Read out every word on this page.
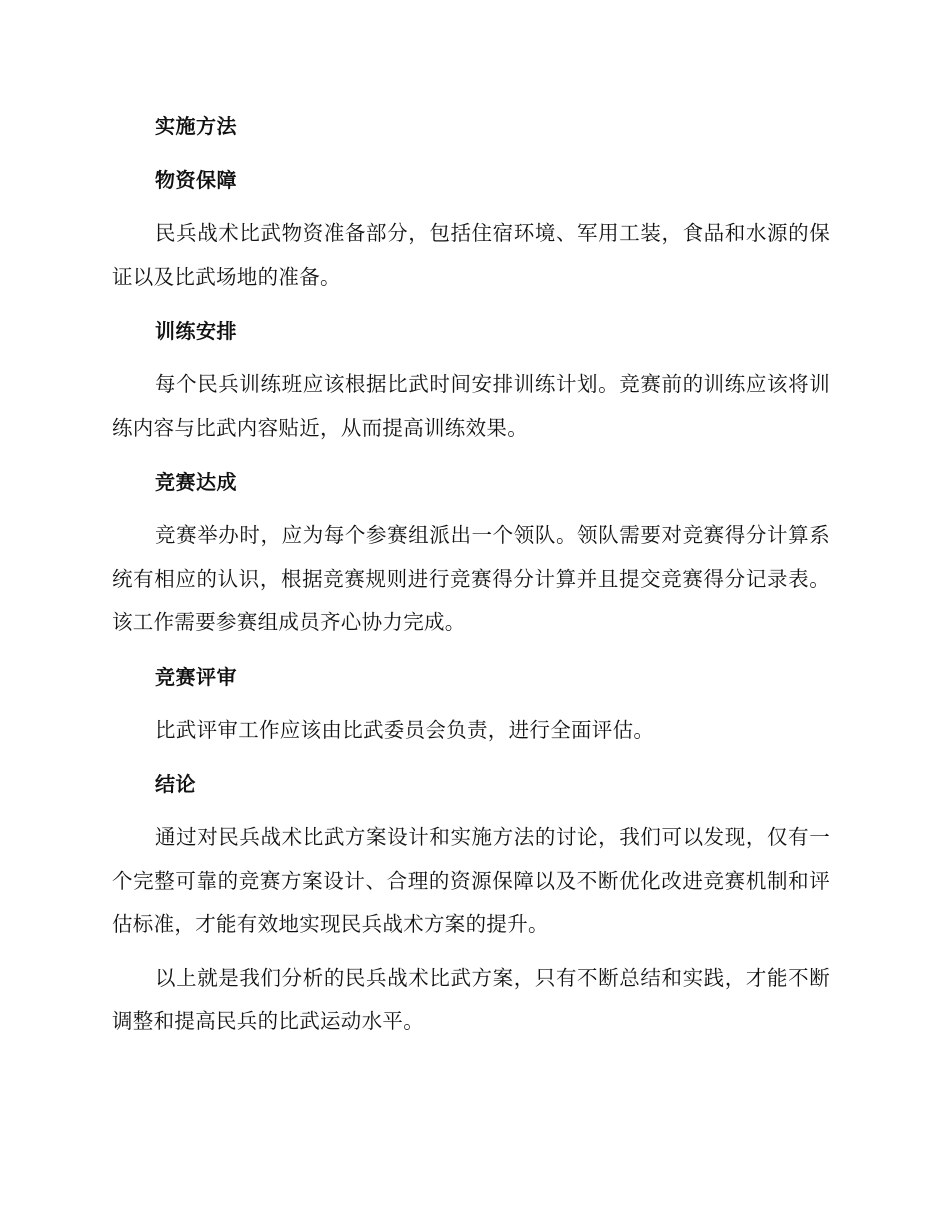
实施方法
物资保障
民兵战术比武物资准备部分，包括住宿环境、军用工装，食品和水源的保证以及比武场地的准备。
训练安排
每个民兵训练班应该根据比武时间安排训练计划。竞赛前的训练应该将训练内容与比武内容贴近，从而提高训练效果。
竞赛达成
竞赛举办时，应为每个参赛组派出一个领队。领队需要对竞赛得分计算系统有相应的认识，根据竞赛规则进行竞赛得分计算并且提交竞赛得分记录表。该工作需要参赛组成员齐心协力完成。
竞赛评审
比武评审工作应该由比武委员会负责，进行全面评估。
结论
通过对民兵战术比武方案设计和实施方法的讨论，我们可以发现，仅有一个完整可靠的竞赛方案设计、合理的资源保障以及不断优化改进竞赛机制和评估标准，才能有效地实现民兵战术方案的提升。
以上就是我们分析的民兵战术比武方案，只有不断总结和实践，才能不断调整和提高民兵的比武运动水平。
